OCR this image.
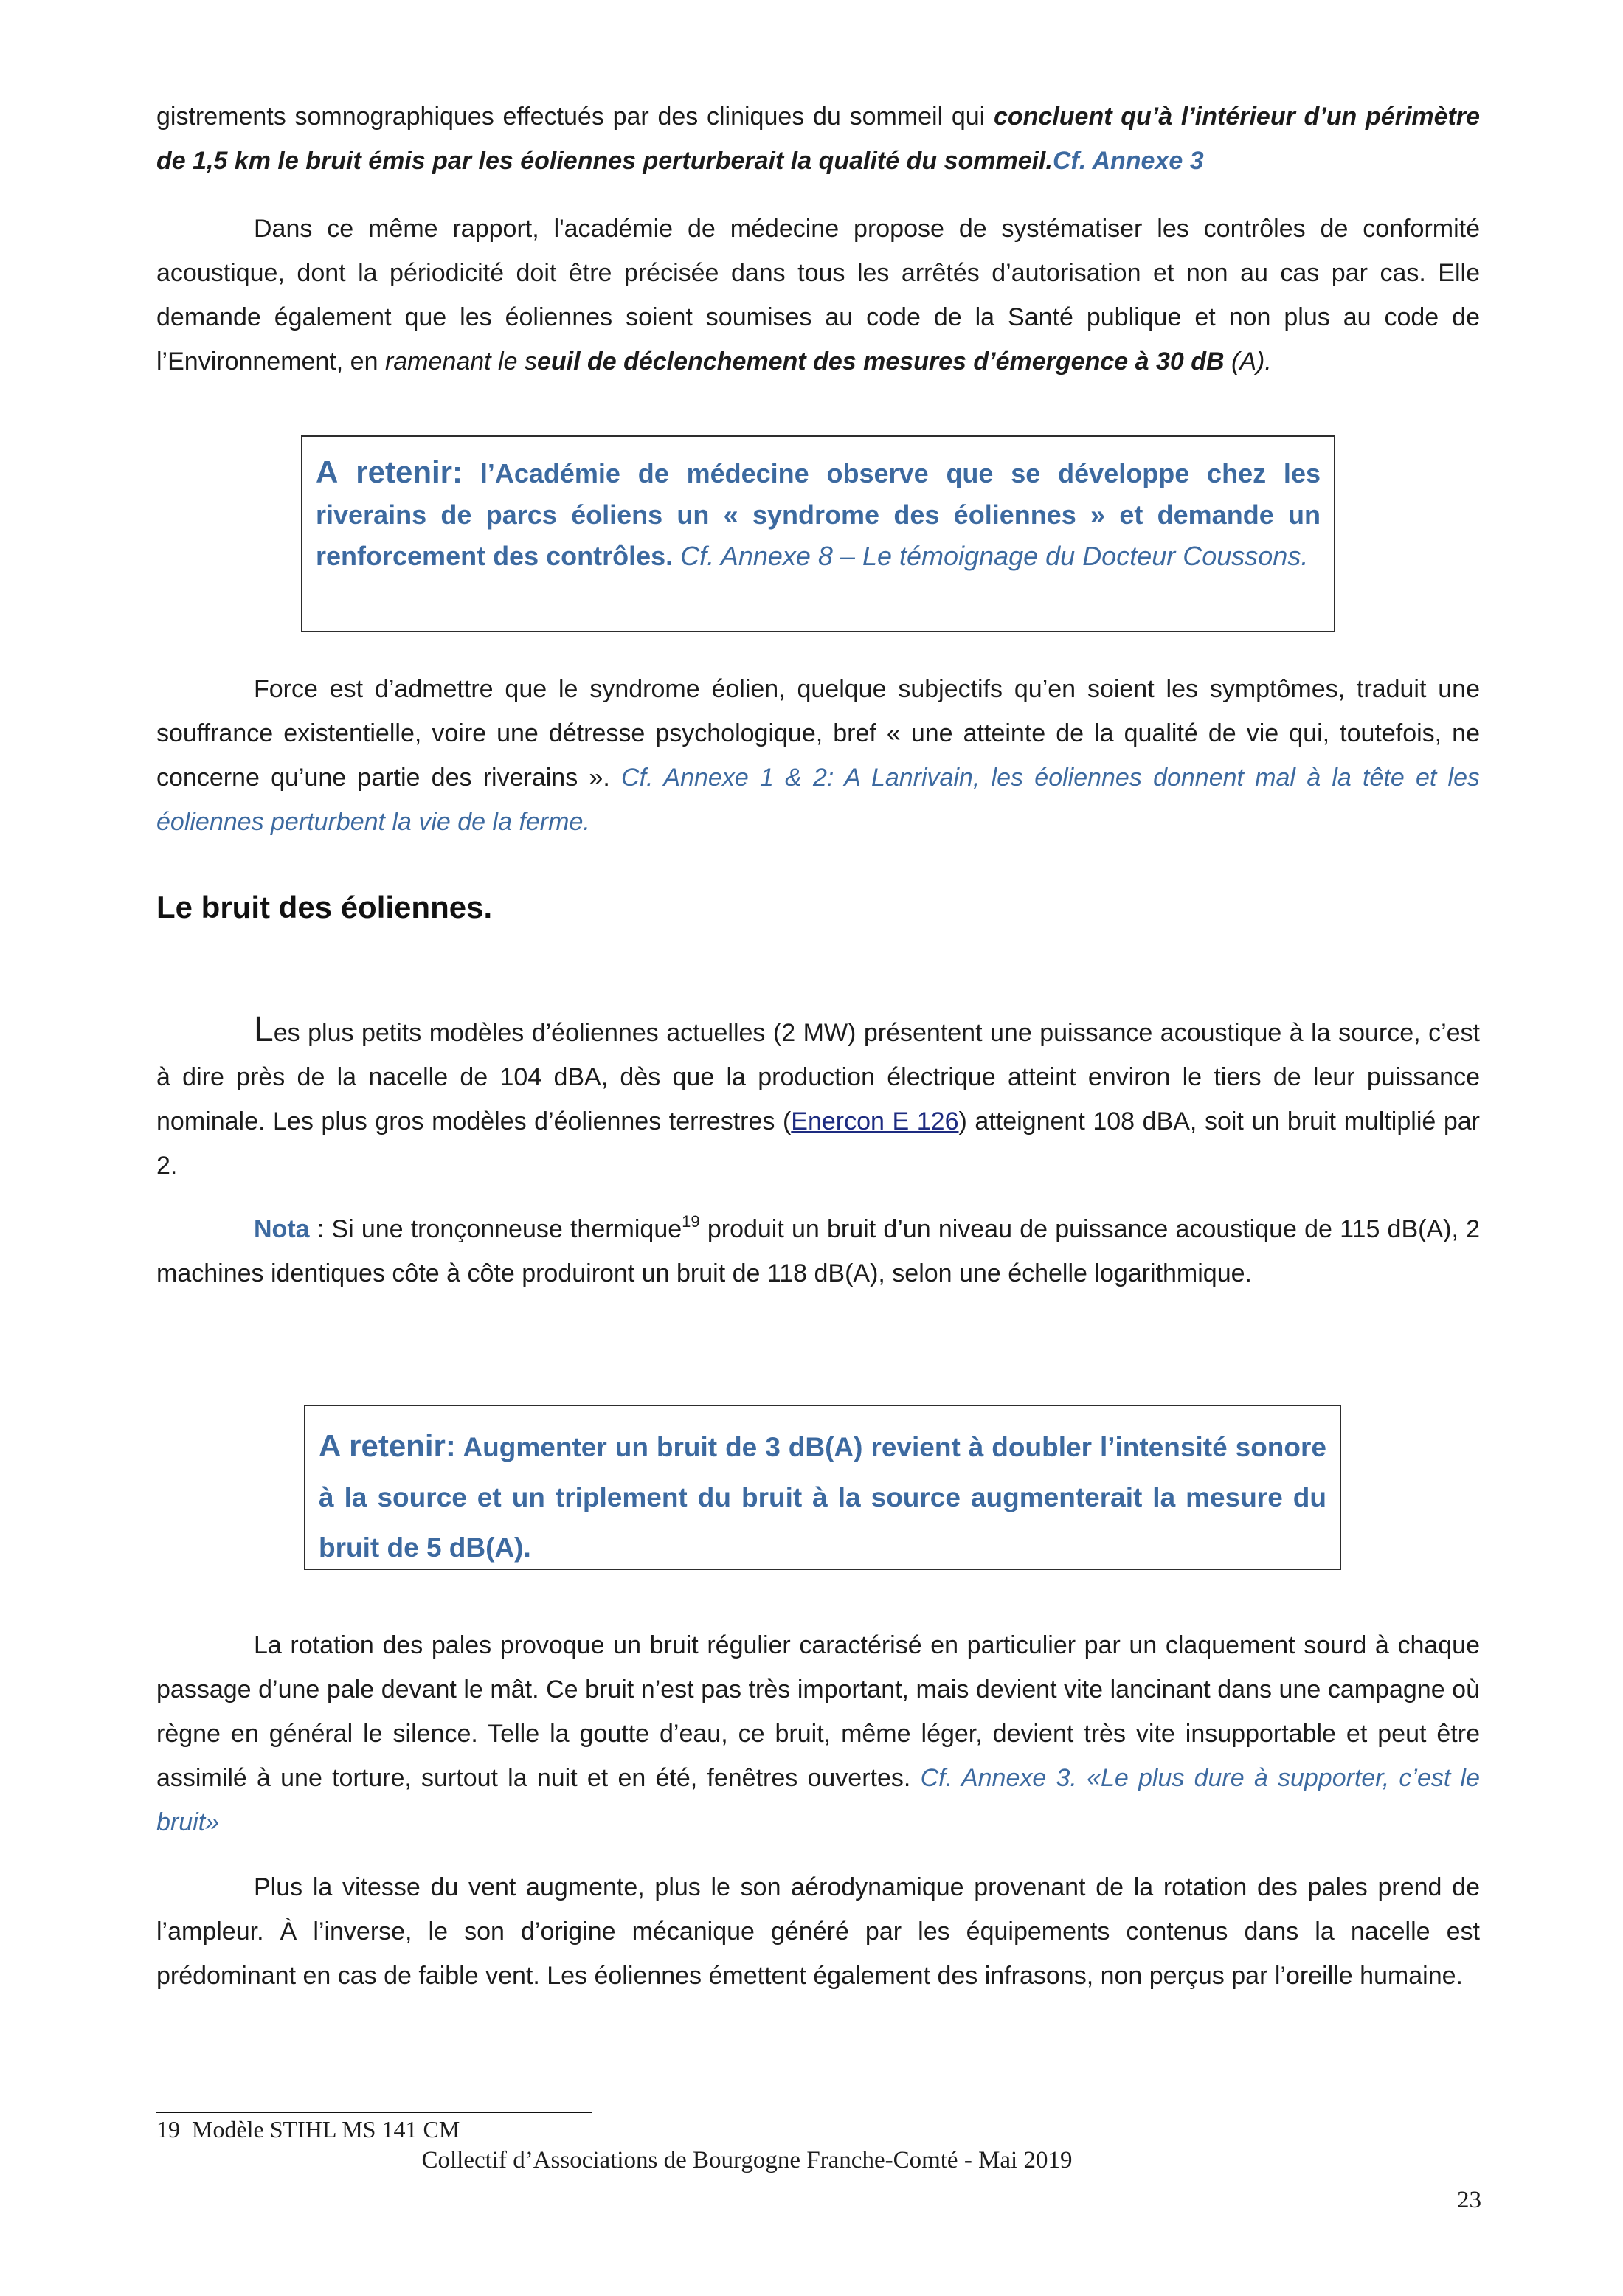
gistrements somnographiques effectués par des cliniques du sommeil qui concluent qu’à l’intérieur d’un périmètre de 1,5 km le bruit émis par les éoliennes perturberait la qualité du sommeil.Cf. Annexe 3

Dans ce même rapport, l'académie de médecine propose de systématiser les contrôles de conformité acoustique, dont la périodicité doit être précisée dans tous les arrêtés d’autorisation et non au cas par cas. Elle demande également que les éoliennes soient soumises au code de la Santé publique et non plus au code de l’Environnement, en ramenant le seuil de déclenchement des mesures d’émergence à 30 dB (A).

A retenir: l’Académie de médecine observe que se développe chez les riverains de parcs éoliens un « syndrome des éoliennes » et demande un renforcement des contrôles. Cf. Annexe 8 – Le témoignage du Docteur Coussons.

Force est d’admettre que le syndrome éolien, quelque subjectifs qu’en soient les symptômes, traduit une souffrance existentielle, voire une détresse psychologique, bref « une atteinte de la qualité de vie qui, toutefois, ne concerne qu’une partie des riverains ». Cf. Annexe 1 & 2: A Lanrivain, les éoliennes donnent mal à la tête et les éoliennes perturbent la vie de la ferme.

Le bruit des éoliennes.

Les plus petits modèles d’éoliennes actuelles (2 MW) présentent une puissance acoustique à la source, c’est à dire près de la nacelle de 104 dBA, dès que la production électrique atteint environ le tiers de leur puissance nominale. Les plus gros modèles d’éoliennes terrestres (Enercon E 126) atteignent 108 dBA, soit un bruit multiplié par 2.

Nota : Si une tronçonneuse thermique$^{19}$ produit un bruit d’un niveau de puissance acoustique de 115 dB(A), 2 machines identiques côte à côte produiront un bruit de 118 dB(A), selon une échelle logarithmique.

A retenir: Augmenter un bruit de 3 dB(A) revient à doubler l’intensité sonore à la source et un triplement du bruit à la source augmenterait la mesure du bruit de 5 dB(A).

La rotation des pales provoque un bruit régulier caractérisé en particulier par un claquement sourd à chaque passage d’une pale devant le mât. Ce bruit n’est pas très important, mais devient vite lancinant dans une campagne où règne en général le silence. Telle la goutte d’eau, ce bruit, même léger, devient très vite insupportable et peut être assimilé à une torture, surtout la nuit et en été, fenêtres ouvertes. Cf. Annexe 3. «Le plus dure à supporter, c’est le bruit»

Plus la vitesse du vent augmente, plus le son aérodynamique provenant de la rotation des pales prend de l’ampleur. À l’inverse, le son d’origine mécanique généré par les équipements contenus dans la nacelle est prédominant en cas de faible vent. Les éoliennes émettent également des infrasons, non perçus par l’oreille humaine.

19 Modèle STIHL MS 141 CM
Collectif d’Associations de Bourgogne Franche-Comté - Mai 2019
23
